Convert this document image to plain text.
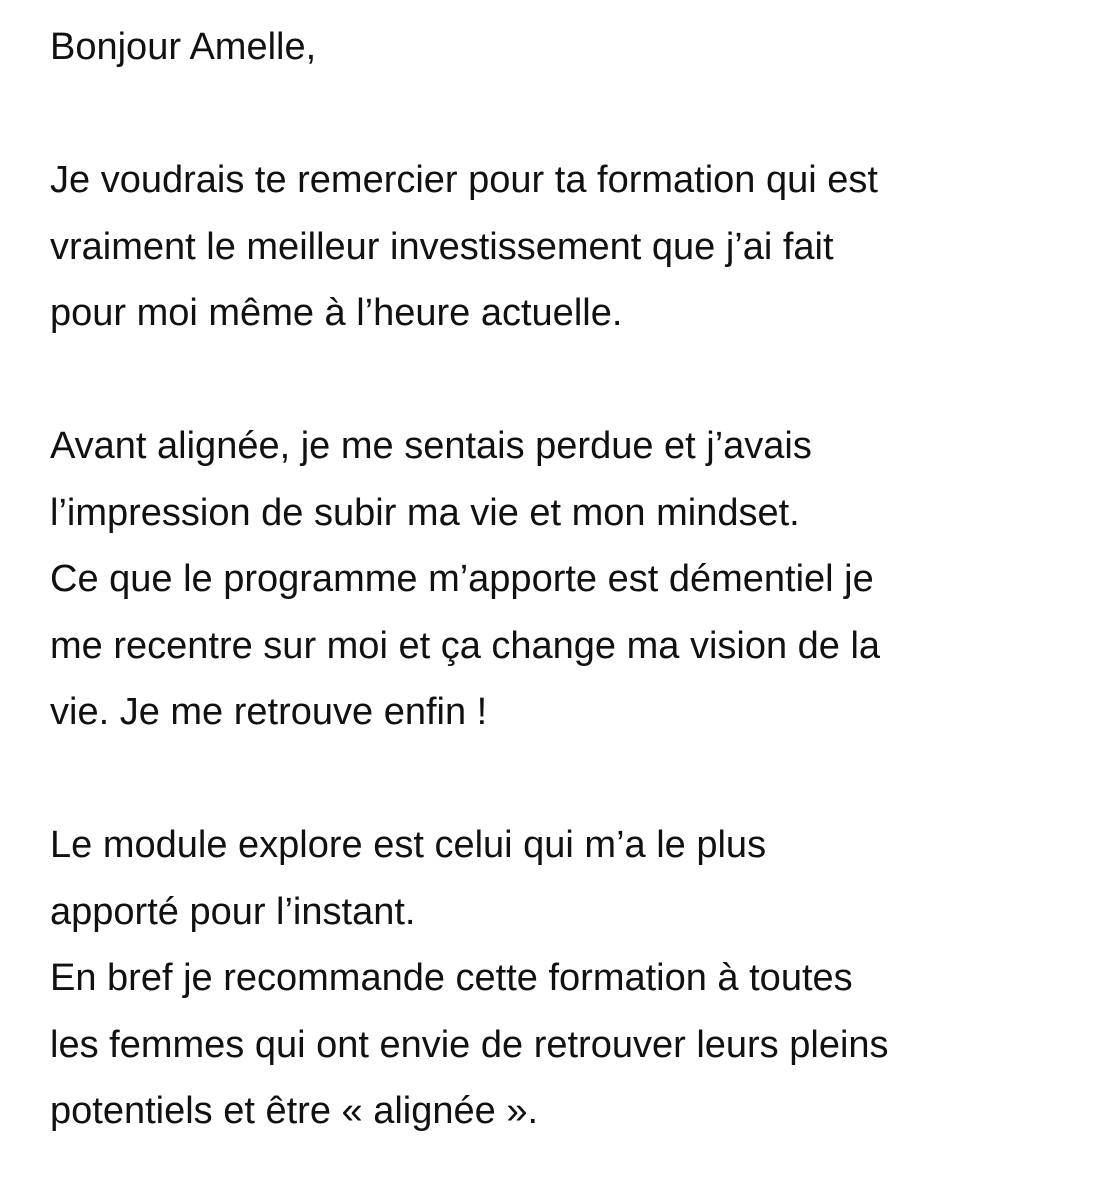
Bonjour Amelle,
Je voudrais te remercier pour ta formation qui est
vraiment le meilleur investissement que j’ai fait
pour moi même à l’heure actuelle.
Avant alignée, je me sentais perdue et j’avais
l’impression de subir ma vie et mon mindset.
Ce que le programme m’apporte est démentiel je
me recentre sur moi et ça change ma vision de la
vie. Je me retrouve enfin !
Le module explore est celui qui m’a le plus
apporté pour l’instant.
En bref je recommande cette formation à toutes
les femmes qui ont envie de retrouver leurs pleins
potentiels et être « alignée ».
